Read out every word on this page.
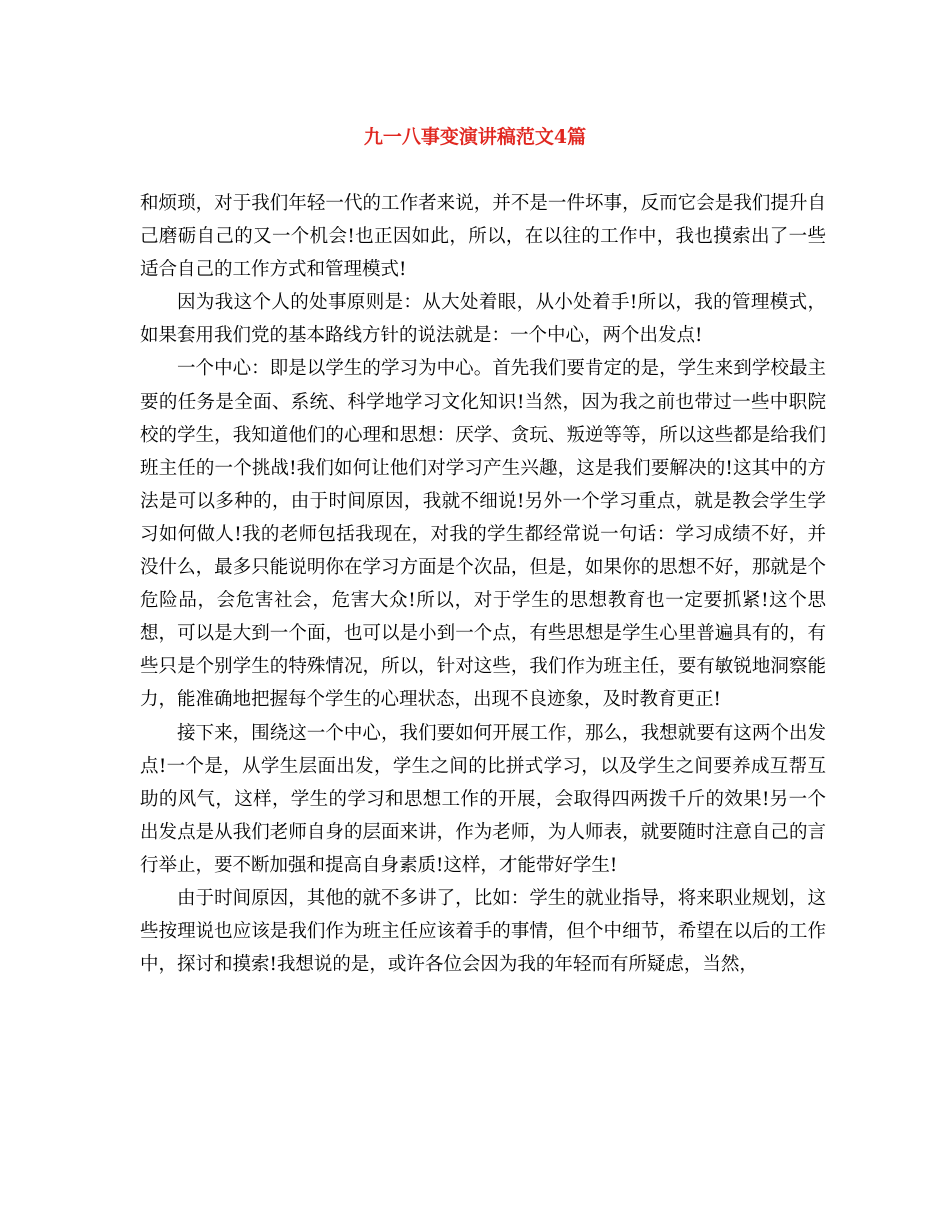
九一八事变演讲稿范文4篇

和烦琐，对于我们年轻一代的工作者来说，并不是一件坏事，反而它会是我们提升自己磨砺自己的又一个机会!也正因如此，所以，在以往的工作中，我也摸索出了一些适合自己的工作方式和管理模式!

因为我这个人的处事原则是：从大处着眼，从小处着手!所以，我的管理模式，如果套用我们党的基本路线方针的说法就是：一个中心，两个出发点!

一个中心：即是以学生的学习为中心。首先我们要肯定的是，学生来到学校最主要的任务是全面、系统、科学地学习文化知识!当然，因为我之前也带过一些中职院校的学生，我知道他们的心理和思想：厌学、贪玩、叛逆等等，所以这些都是给我们班主任的一个挑战!我们如何让他们对学习产生兴趣，这是我们要解决的!这其中的方法是可以多种的，由于时间原因，我就不细说!另外一个学习重点，就是教会学生学习如何做人!我的老师包括我现在，对我的学生都经常说一句话：学习成绩不好，并没什么，最多只能说明你在学习方面是个次品，但是，如果你的思想不好，那就是个危险品，会危害社会，危害大众!所以，对于学生的思想教育也一定要抓紧!这个思想，可以是大到一个面，也可以是小到一个点，有些思想是学生心里普遍具有的，有些只是个别学生的特殊情况，所以，针对这些，我们作为班主任，要有敏锐地洞察能力，能准确地把握每个学生的心理状态，出现不良迹象，及时教育更正!

接下来，围绕这一个中心，我们要如何开展工作，那么，我想就要有这两个出发点!一个是，从学生层面出发，学生之间的比拼式学习，以及学生之间要养成互帮互助的风气，这样，学生的学习和思想工作的开展，会取得四两拨千斤的效果!另一个出发点是从我们老师自身的层面来讲，作为老师，为人师表，就要随时注意自己的言行举止，要不断加强和提高自身素质!这样，才能带好学生!

由于时间原因，其他的就不多讲了，比如：学生的就业指导，将来职业规划，这些按理说也应该是我们作为班主任应该着手的事情，但个中细节，希望在以后的工作中，探讨和摸索!我想说的是，或许各位会因为我的年轻而有所疑虑，当然，
